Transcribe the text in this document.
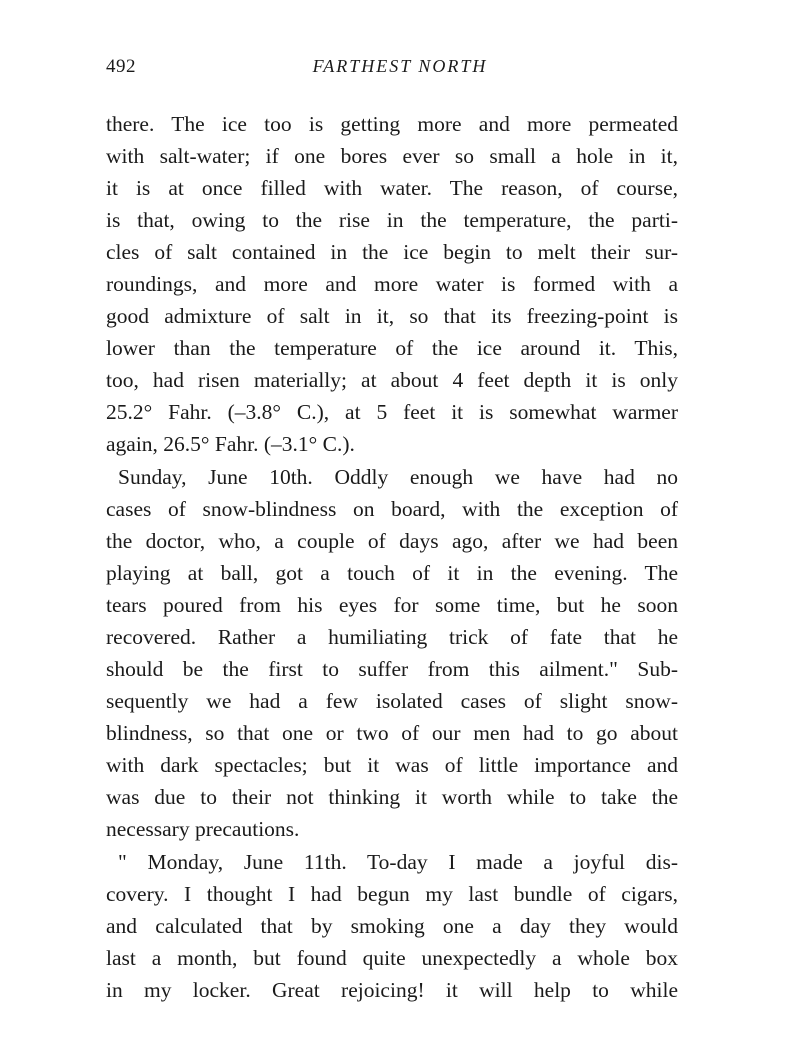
492	FARTHEST NORTH
there. The ice too is getting more and more permeated
with salt-water; if one bores ever so small a hole in it,
it is at once filled with water. The reason, of course,
is that, owing to the rise in the temperature, the parti-
cles of salt contained in the ice begin to melt their sur-
roundings, and more and more water is formed with a
good admixture of salt in it, so that its freezing-point is
lower than the temperature of the ice around it. This,
too, had risen materially; at about 4 feet depth it is only
25.2° Fahr. (–3.8° C.), at 5 feet it is somewhat warmer
again, 26.5° Fahr. (–3.1° C.).
Sunday, June 10th. Oddly enough we have had no
cases of snow-blindness on board, with the exception of
the doctor, who, a couple of days ago, after we had been
playing at ball, got a touch of it in the evening. The
tears poured from his eyes for some time, but he soon
recovered. Rather a humiliating trick of fate that he
should be the first to suffer from this ailment." Sub-
sequently we had a few isolated cases of slight snow-
blindness, so that one or two of our men had to go about
with dark spectacles; but it was of little importance and
was due to their not thinking it worth while to take the
necessary precautions.
" Monday, June 11th. To-day I made a joyful dis-
covery. I thought I had begun my last bundle of cigars,
and calculated that by smoking one a day they would
last a month, but found quite unexpectedly a whole box
in my locker. Great rejoicing! it will help to while
